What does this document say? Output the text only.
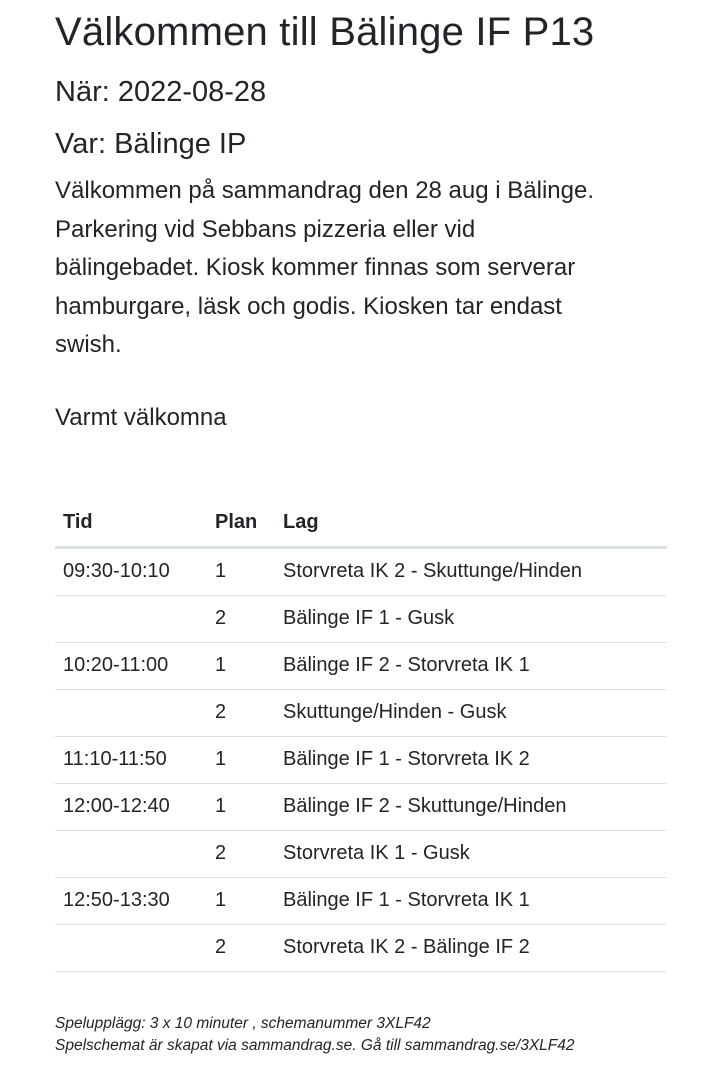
Välkommen till Bälinge IF P13
När: 2022-08-28
Var: Bälinge IP

Välkommen på sammandrag den 28 aug i Bälinge.
Parkering vid Sebbans pizzeria eller vid
bälingebadet. Kiosk kommer finnas som serverar
hamburgare, läsk och godis. Kiosken tar endast
swish.

Varmt välkomna

Tid	Plan	Lag
09:30-10:10	1	Storvreta IK 2 - Skuttunge/Hinden
	2	Bälinge IF 1 - Gusk
10:20-11:00	1	Bälinge IF 2 - Storvreta IK 1
	2	Skuttunge/Hinden - Gusk
11:10-11:50	1	Bälinge IF 1 - Storvreta IK 2
12:00-12:40	1	Bälinge IF 2 - Skuttunge/Hinden
	2	Storvreta IK 1 - Gusk
12:50-13:30	1	Bälinge IF 1 - Storvreta IK 1
	2	Storvreta IK 2 - Bälinge IF 2
Spelupplägg: 3 x 10 minuter , schemanummer 3XLF42
Spelschemat är skapat via sammandrag.se. Gå till sammandrag.se/3XLF42
